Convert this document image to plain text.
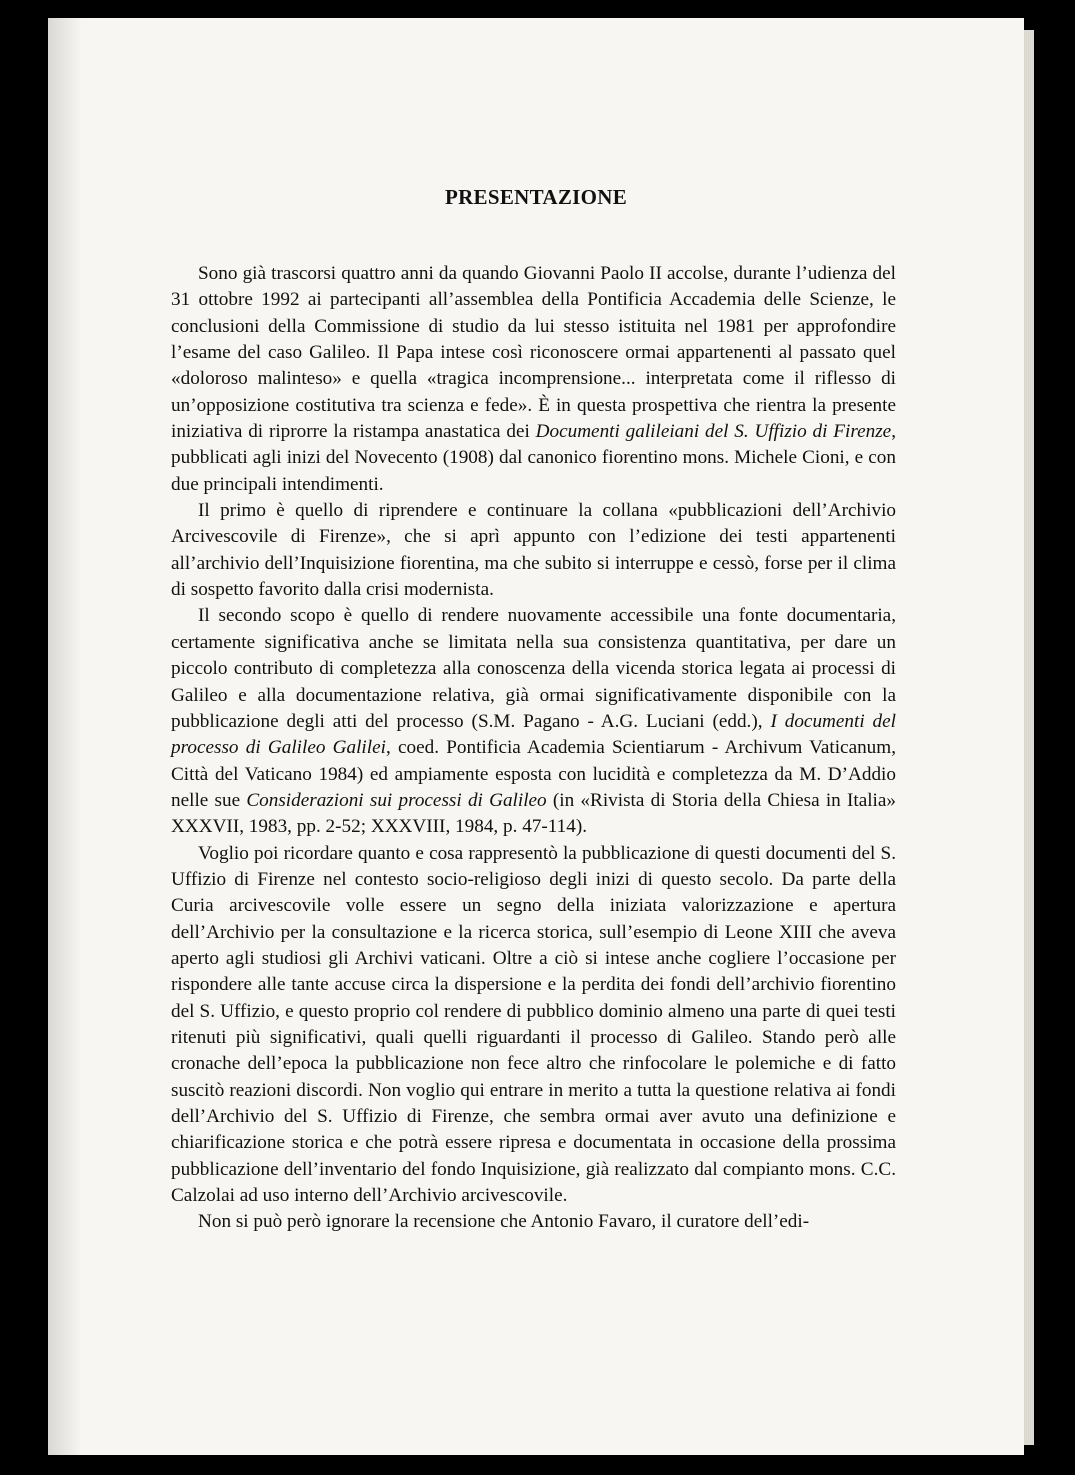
PRESENTAZIONE

Sono già trascorsi quattro anni da quando Giovanni Paolo II accolse, durante l’udienza del 31 ottobre 1992 ai partecipanti all’assemblea della Pontificia Accademia delle Scienze, le conclusioni della Commissione di studio da lui stesso istituita nel 1981 per approfondire l’esame del caso Galileo. Il Papa intese così riconoscere ormai appartenenti al passato quel «doloroso malinteso» e quella «tragica incomprensione... interpretata come il riflesso di un’opposizione costitutiva tra scienza e fede». È in questa prospettiva che rientra la presente iniziativa di riprorre la ristampa anastatica dei Documenti galileiani del S. Uffizio di Firenze, pubblicati agli inizi del Novecento (1908) dal canonico fiorentino mons. Michele Cioni, e con due principali intendimenti.

Il primo è quello di riprendere e continuare la collana «pubblicazioni dell’Archivio Arcivescovile di Firenze», che si aprì appunto con l’edizione dei testi appartenenti all’archivio dell’Inquisizione fiorentina, ma che subito si interruppe e cessò, forse per il clima di sospetto favorito dalla crisi modernista.

Il secondo scopo è quello di rendere nuovamente accessibile una fonte documentaria, certamente significativa anche se limitata nella sua consistenza quantitativa, per dare un piccolo contributo di completezza alla conoscenza della vicenda storica legata ai processi di Galileo e alla documentazione relativa, già ormai significativamente disponibile con la pubblicazione degli atti del processo (S.M. Pagano - A.G. Luciani (edd.), I documenti del processo di Galileo Galilei, coed. Pontificia Academia Scientiarum - Archivum Vaticanum, Città del Vaticano 1984) ed ampiamente esposta con lucidità e completezza da M. D’Addio nelle sue Considerazioni sui processi di Galileo (in «Rivista di Storia della Chiesa in Italia» XXXVII, 1983, pp. 2-52; XXXVIII, 1984, p. 47-114).

Voglio poi ricordare quanto e cosa rappresentò la pubblicazione di questi documenti del S. Uffizio di Firenze nel contesto socio-religioso degli inizi di questo secolo. Da parte della Curia arcivescovile volle essere un segno della iniziata valorizzazione e apertura dell’Archivio per la consultazione e la ricerca storica, sull’esempio di Leone XIII che aveva aperto agli studiosi gli Archivi vaticani. Oltre a ciò si intese anche cogliere l’occasione per rispondere alle tante accuse circa la dispersione e la perdita dei fondi dell’archivio fiorentino del S. Uffizio, e questo proprio col rendere di pubblico dominio almeno una parte di quei testi ritenuti più significativi, quali quelli riguardanti il processo di Galileo. Stando però alle cronache dell’epoca la pubblicazione non fece altro che rinfocolare le polemiche e di fatto suscitò reazioni discordi. Non voglio qui entrare in merito a tutta la questione relativa ai fondi dell’Archivio del S. Uffizio di Firenze, che sembra ormai aver avuto una definizione e chiarificazione storica e che potrà essere ripresa e documentata in occasione della prossima pubblicazione dell’inventario del fondo Inquisizione, già realizzato dal compianto mons. C.C. Calzolai ad uso interno dell’Archivio arcivescovile.

Non si può però ignorare la recensione che Antonio Favaro, il curatore dell’edi-
